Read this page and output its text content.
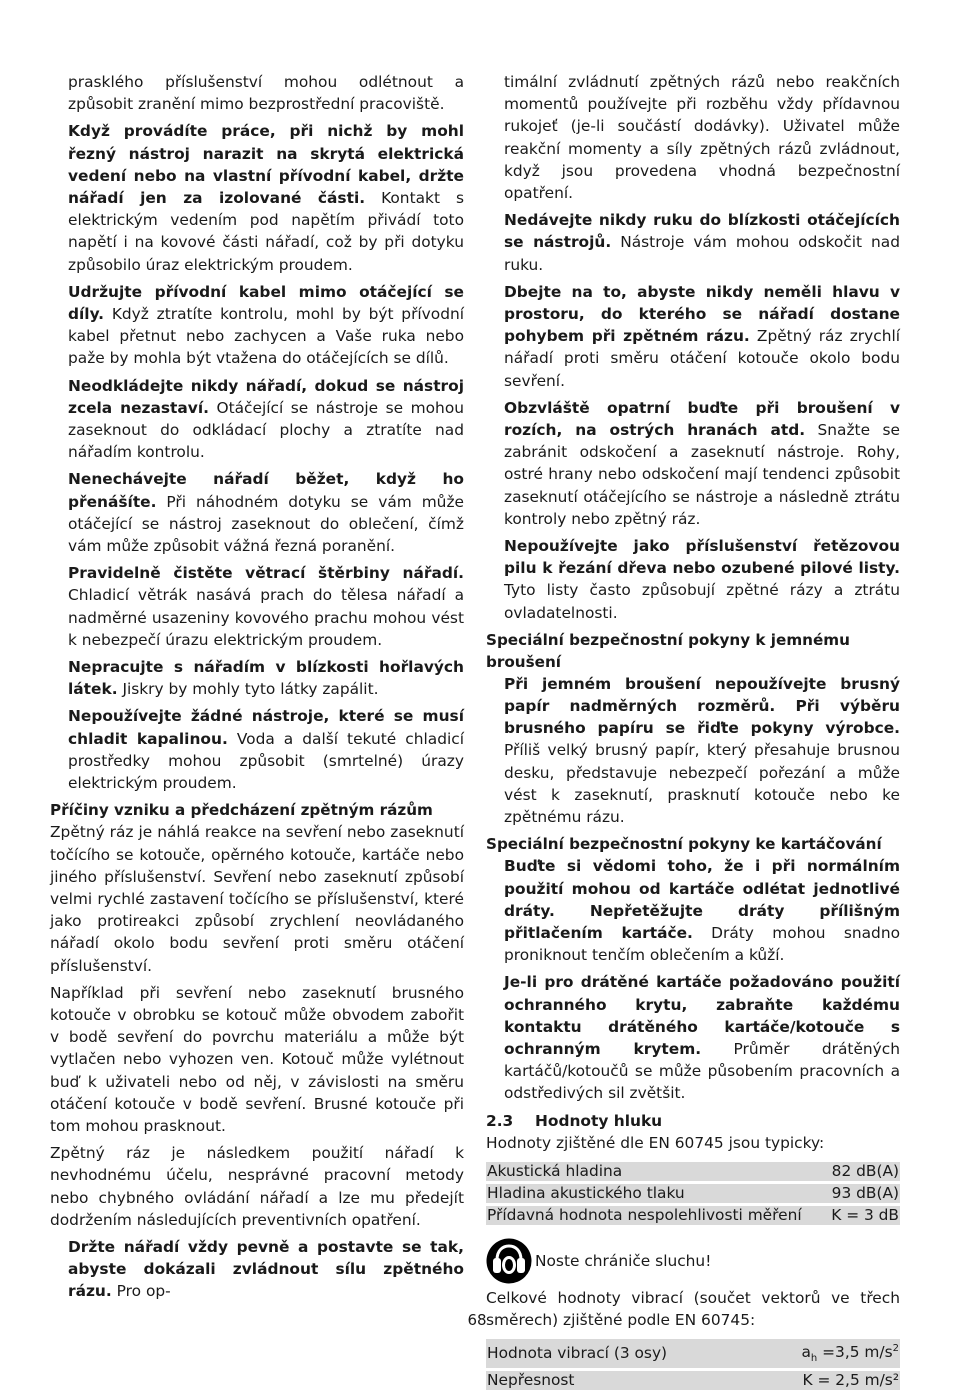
prasklého příslušenství mohou odlétnout a způsobit zranění mimo bezprostřední pracoviště.

Když provádíte práce, při nichž by mohl řezný nástroj narazit na skrytá elektrická vedení nebo na vlastní přívodní kabel, držte nářadí jen za izolované části. Kontakt s elektrickým vedením pod napětím přivádí toto napětí i na kovové části nářadí, což by při dotyku způsobilo úraz elektrickým proudem.

Udržujte přívodní kabel mimo otáčející se díly. Když ztratíte kontrolu, mohl by být přívodní kabel přetnut nebo zachycen a Vaše ruka nebo paže by mohla být vtažena do otáčejících se dílů.

Neodkládejte nikdy nářadí, dokud se nástroj zcela nezastaví. Otáčející se nástroje se mohou zaseknout do odkládací plochy a ztratíte nad nářadím kontrolu.

Nenechávejte nářadí běžet, když ho přenášíte. Při náhodném dotyku se vám může otáčející se nástroj zaseknout do oblečení, čímž vám může způsobit vážná řezná poranění.

Pravidelně čistěte větrací štěrbiny nářadí. Chladicí větrák nasává prach do tělesa nářadí a nadměrné usazeniny kovového prachu mohou vést k nebezpečí úrazu elektrickým proudem.

Nepracujte s nářadím v blízkosti hořlavých látek. Jiskry by mohly tyto látky zapálit.

Nepoužívejte žádné nástroje, které se musí chladit kapalinou. Voda a další tekuté chladicí prostředky mohou způsobit (smrtelné) úrazy elektrickým proudem.

Příčiny vzniku a předcházení zpětným rázům

Zpětný ráz je náhlá reakce na sevření nebo zaseknutí točícího se kotouče, opěrného kotouče, kartáče nebo jiného příslušenství. Sevření nebo zaseknutí způsobí velmi rychlé zastavení točícího se příslušenství, které jako protireakci způsobí zrychlení neovládaného nářadí okolo bodu sevření proti směru otáčení příslušenství.

Například při sevření nebo zaseknutí brusného kotouče v obrobku se kotouč může obvodem zabořit v bodě sevření do povrchu materiálu a může být vytlačen nebo vyhozen ven. Kotouč může vylétnout buď k uživateli nebo od něj, v závislosti na směru otáčení kotouče v bodě sevření. Brusné kotouče při tom mohou prasknout.

Zpětný ráz je následkem použití nářadí k nevhodnému účelu, nesprávné pracovní metody nebo chybného ovládání nářadí a lze mu předejít dodržením následujících preventivních opatření.

Držte nářadí vždy pevně a postavte se tak, abyste dokázali zvládnout sílu zpětného rázu. Pro op-

timální zvládnutí zpětných rázů nebo reakčních momentů používejte při rozběhu vždy přídavnou rukojeť (je-li součástí dodávky). Uživatel může reakční momenty a síly zpětných rázů zvládnout, když jsou provedena vhodná bezpečnostní opatření.

Nedávejte nikdy ruku do blízkosti otáčejících se nástrojů. Nástroje vám mohou odskočit nad ruku.

Dbejte na to, abyste nikdy neměli hlavu v prostoru, do kterého se nářadí dostane pohybem při zpětném rázu. Zpětný ráz zrychlí nářadí proti směru otáčení kotouče okolo bodu sevření.

Obzvláště opatrní buďte při broušení v rozích, na ostrých hranách atd. Snažte se zabránit odskočení a zaseknutí nástroje. Rohy, ostré hrany nebo odskočení mají tendenci způsobit zaseknutí otáčejícího se nástroje a následně ztrátu kontroly nebo zpětný ráz.

Nepoužívejte jako příslušenství řetězovou pilu k řezání dřeva nebo ozubené pilové listy. Tyto listy často způsobují zpětné rázy a ztrátu ovladatelnosti.

Speciální bezpečnostní pokyny k jemnému broušení

Při jemném broušení nepoužívejte brusný papír nadměrných rozměrů. Při výběru brusného papíru se řiďte pokyny výrobce. Příliš velký brusný papír, který přesahuje brusnou desku, představuje nebezpečí pořezání a může vést k zaseknutí, prasknutí kotouče nebo ke zpětnému rázu.

Speciální bezpečnostní pokyny ke kartáčování

Buďte si vědomi toho, že i při normálním použití mohou od kartáče odlétat jednotlivé dráty. Nepřetěžujte dráty přílišným přitlačením kartáče. Dráty mohou snadno proniknout tenčím oblečením a kůží.

Je-li pro drátěné kartáče požadováno použití ochranného krytu, zabraňte každému kontaktu drátěného kartáče/kotouče s ochranným krytem. Průměr drátěných kartáčů/kotoučů se může působením pracovních a odstředivých sil zvětšit.

2.3 Hodnoty hluku

Hodnoty zjištěné dle EN 60745 jsou typicky:

Akustická hladina	82 dB(A)
Hladina akustického tlaku	93 dB(A)
Přídavná hodnota nespolehlivosti měření	K = 3 dB
Noste chrániče sluchu!

Celkové hodnoty vibrací (součet vektorů ve třech směrech) zjištěné podle EN 60745:

Hodnota vibrací (3 osy)	$a_h =3,5$ $m/s^2$
Nepřesnost	K = 2,5 m/s²
68
